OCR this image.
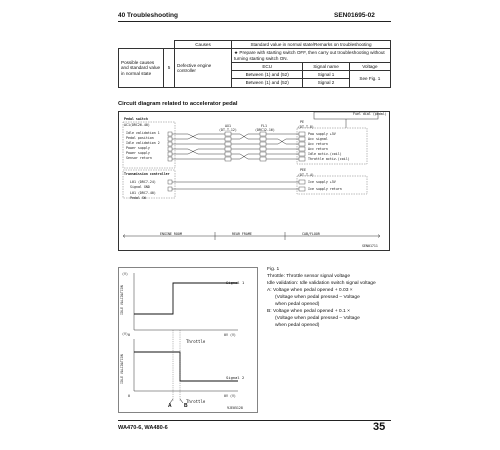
40 Troubleshooting	SEN01695-02
		Causes	Standard value in normal state/Remarks on troubleshooting		
Possible causes and standard value in normal state	5	Defective engine controller	★ Prepare with starting switch OFF, then carry out troubleshooting without turning starting switch ON.		
			ECU	Signal name	Voltage
			Between (1) and (52)	Signal 1	See Fig. 1
			Between (1) and (52)	Signal 2	
Circuit diagram related to accelerator pedal
Fuel dial (pedal)
Pedal switch
AC1(DRC26-40)
Idle validation 1
Pedal position
Idle validation 2
Power supply
Power supply
Sensor return
AX1
(DT-T-12)
FL1
(DRC12-16)
PE
(DT-T-8)
Pow supply +5V
Acc signal
Acc return
Acc return
Idle activ.(coil)
Throttle activ.(coil)
Transmission controller
L01 (DRC7-24)
Signal GND
L01 (DRC7-40)
Pedal SW
PEE
(DT-T-4)
Ice supply +5V
Ice supply return
ENGINE ROOM	REAR FRAME	CAB/FLOOR
SEN01711
(V)
IDLE VALIDATION
(V)
IDLE VALIDATION
Signal 1
Signal 2
0
0
0V (V)
0V (V)
Throttle
Throttle
A B	9JE05128
Fig. 1
Throttle: Throttle sensor signal voltage
Idle validation: Idle validation switch signal voltage
A: Voltage when pedal opened + 0.03 ×
(Voltage when pedal pressed – Voltage
when pedal opened)
B: Voltage when pedal opened + 0.1 ×
(Voltage when pedal pressed – Voltage
when pedal opened)
WA470-6, WA480-6	35
